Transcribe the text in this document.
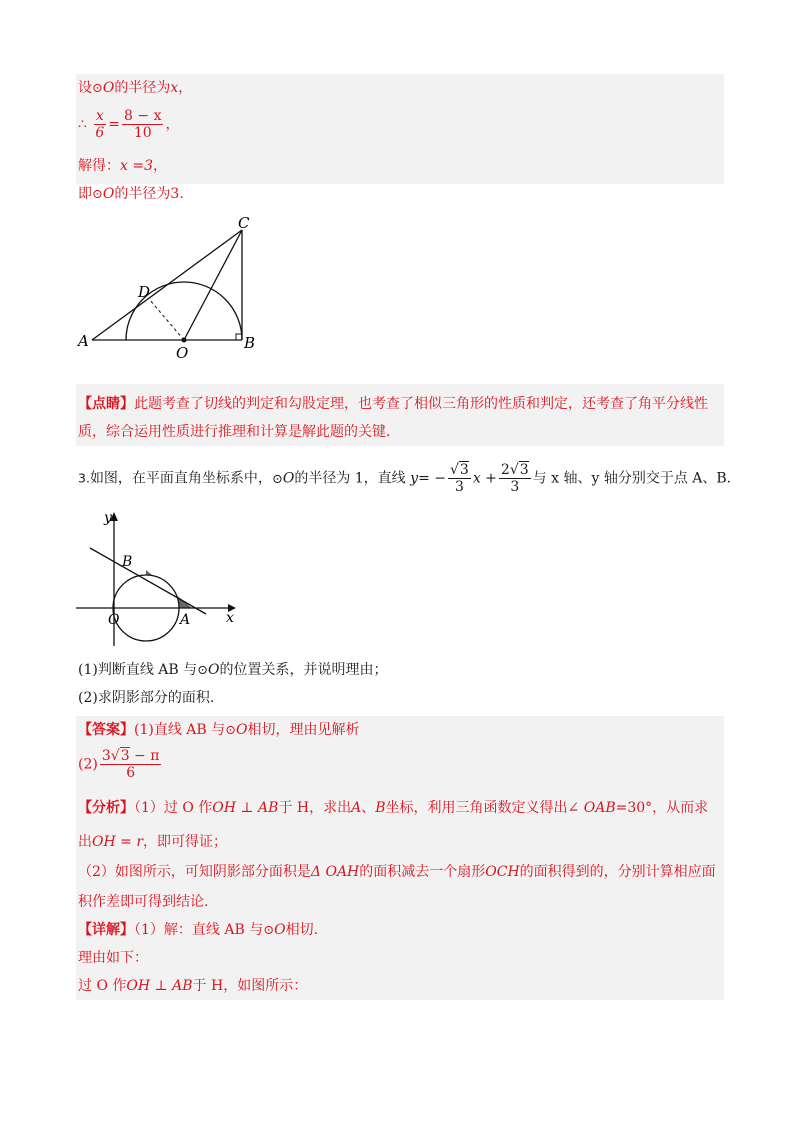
设⊙O的半径为x，
∴ $\frac{x}{6} = \frac{8 - x}{10}$ ，
解得：x =3，
即⊙O的半径为3.
C
D
A
O
B
【点睛】此题考查了切线的判定和勾股定理，也考查了相似三角形的性质和判定，还考查了角平分线性
质，综合运用性质进行推理和计算是解此题的关键.
3.如图，在平面直角坐标系中，⊙O的半径为 1，直线 $y= - \frac{√3}{3}$ $x + \frac{2√3}{3}$ 与 x 轴、y 轴分别交于点 A、B.
y
B
O	A	x
(1)判断直线 AB 与⊙O的位置关系，并说明理由；
(2)求阴影部分的面积.
【答案】(1)直线 AB 与⊙O相切，理由见解析
$(2) \frac{3√3 - \pi}{6}$
【分析】（1）过 O 作OH ⊥ AB于 H，求出A、B坐标，利用三角函数定义得出∠ OAB=30°，从而求
出OH = r，即可得证；
（2）如图所示，可知阴影部分面积是Δ OAH的面积减去一个扇形OCH的面积得到的，分别计算相应面
积作差即可得到结论.
【详解】（1）解：直线 AB 与⊙O相切.
理由如下：
过 O 作OH ⊥ AB于 H，如图所示：
